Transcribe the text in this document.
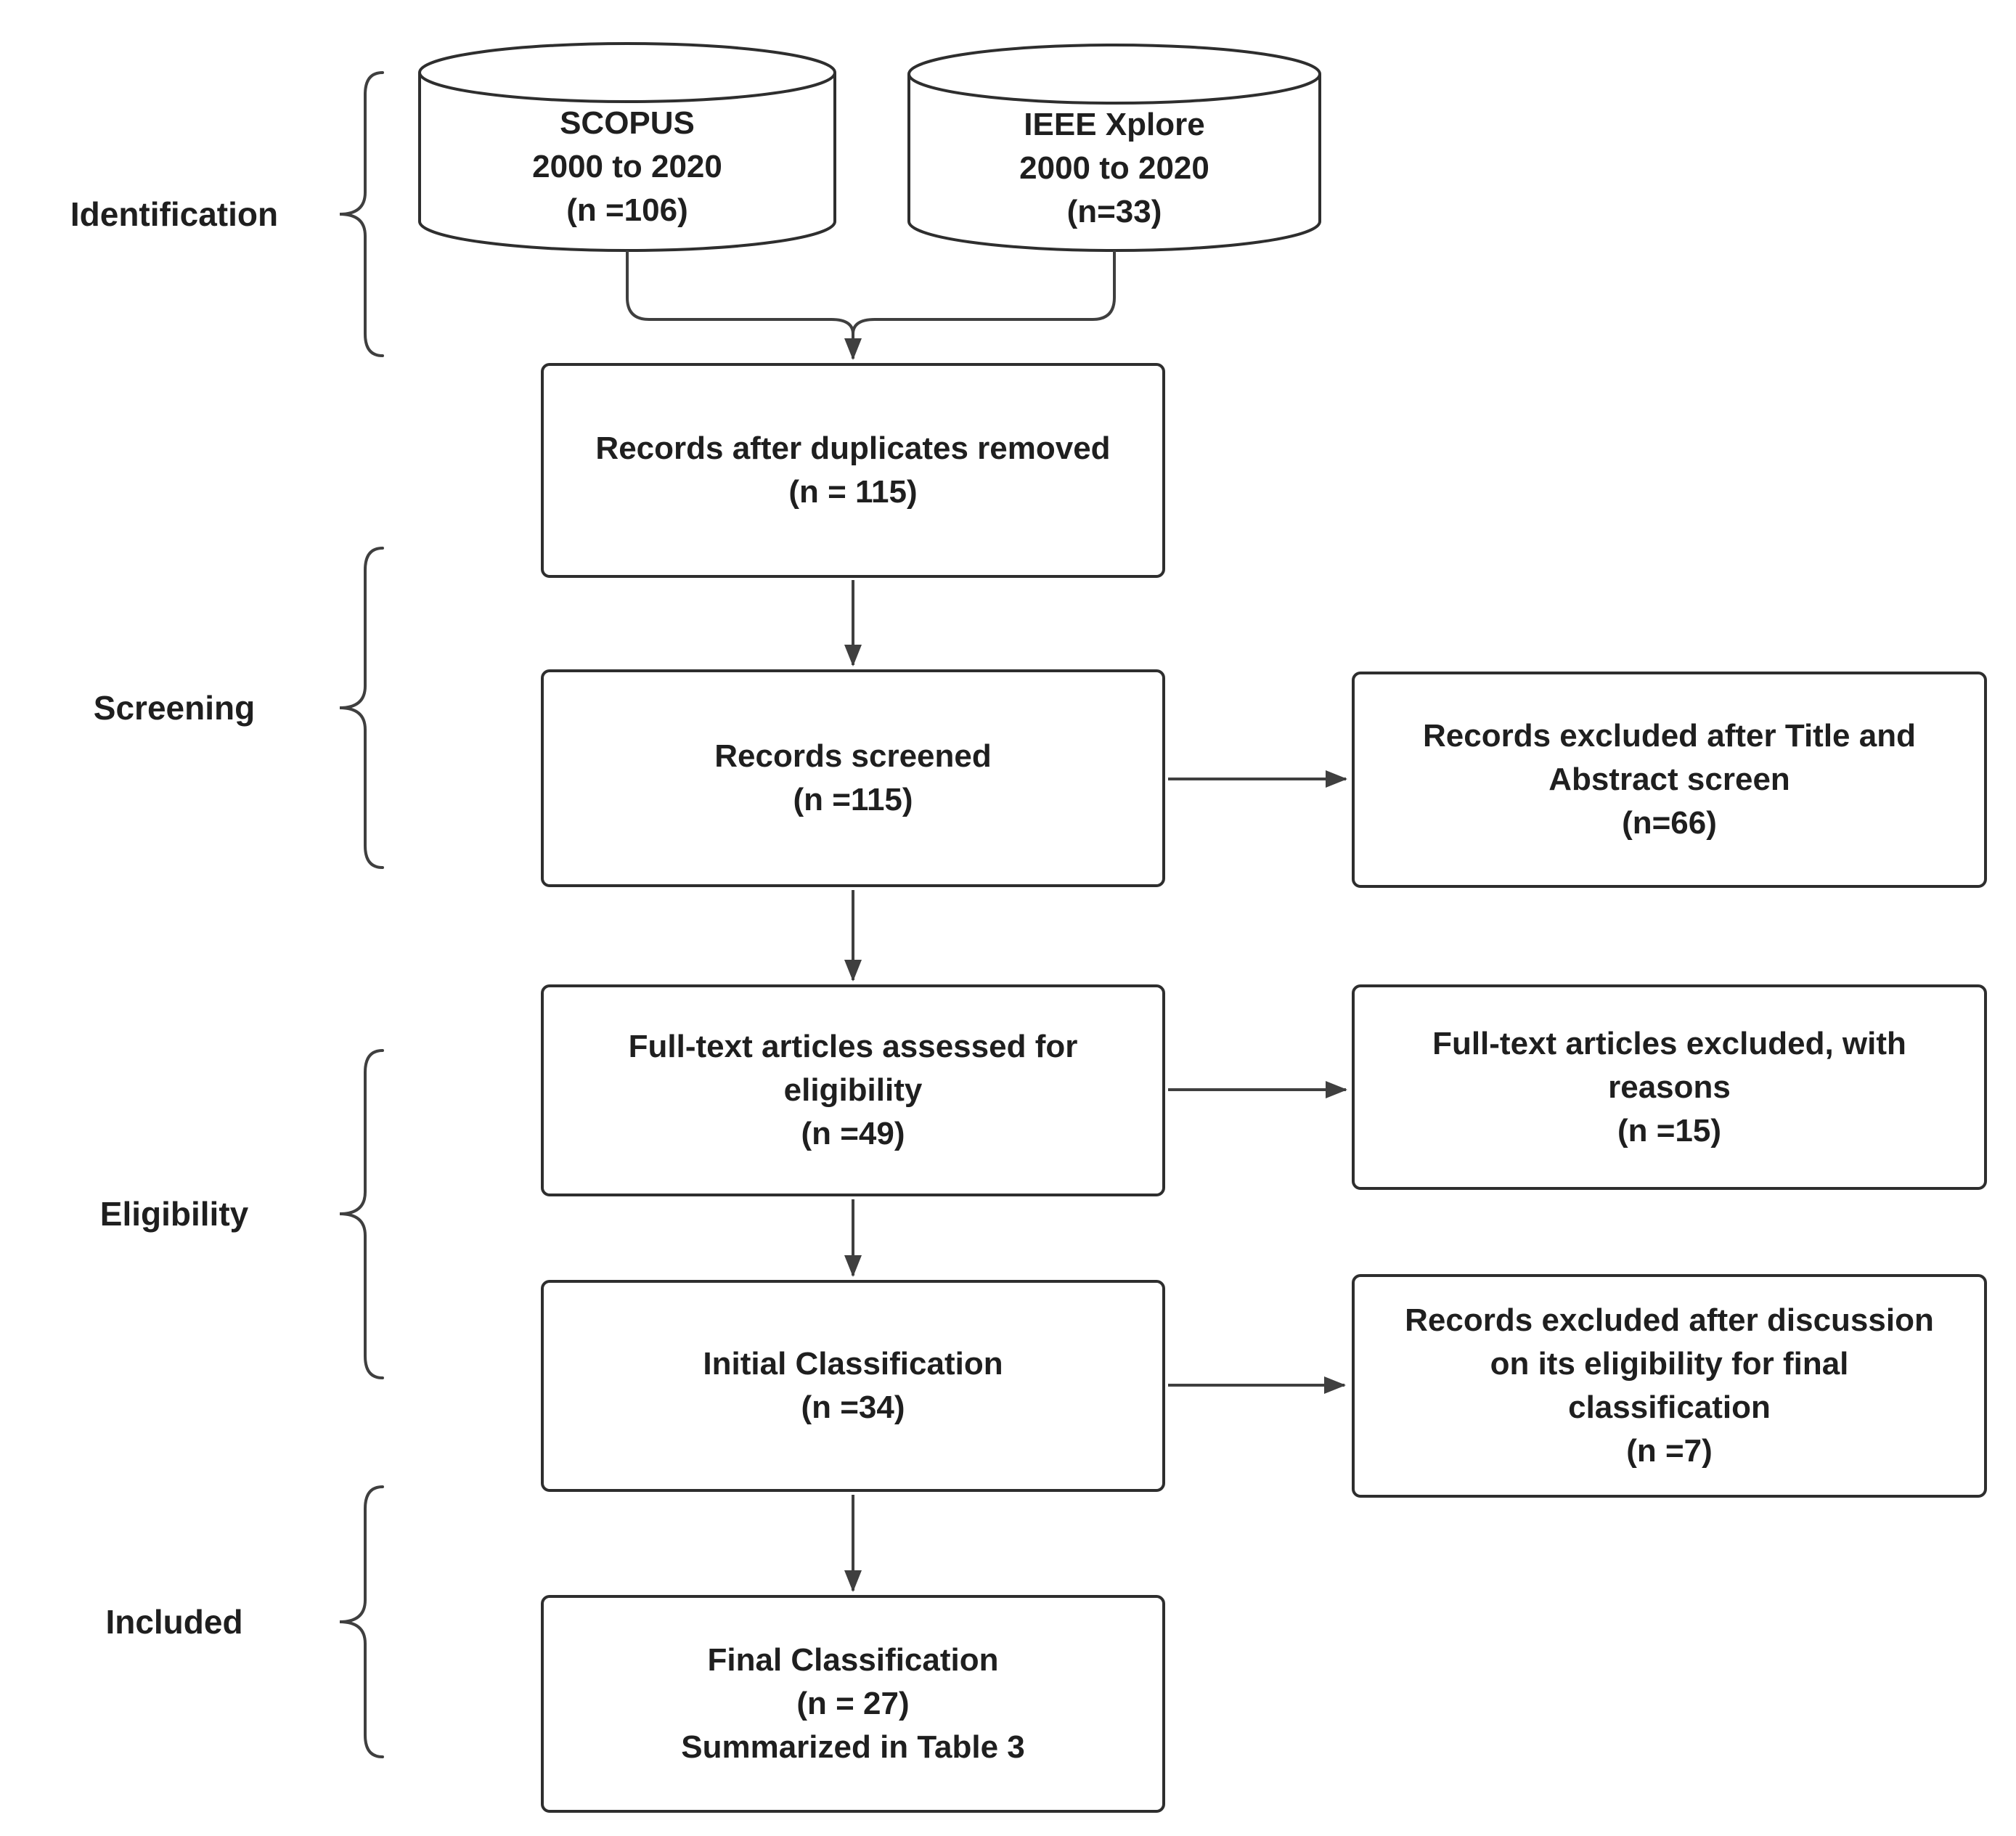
Identification
Screening
Eligibility
Included
SCOPUS
2000 to 2020
(n =106)
IEEE Xplore
2000 to 2020
(n=33)
Records after duplicates removed
(n = 115)
Records screened
(n =115)
Full-text articles assessed for
eligibility
(n =49)
Initial Classification
(n =34)
Final Classification
(n = 27)
Summarized in Table 3
Records excluded after Title and
Abstract screen
(n=66)
Full-text articles excluded, with
reasons
(n =15)
Records excluded after discussion
on its eligibility for final
classification
(n =7)
